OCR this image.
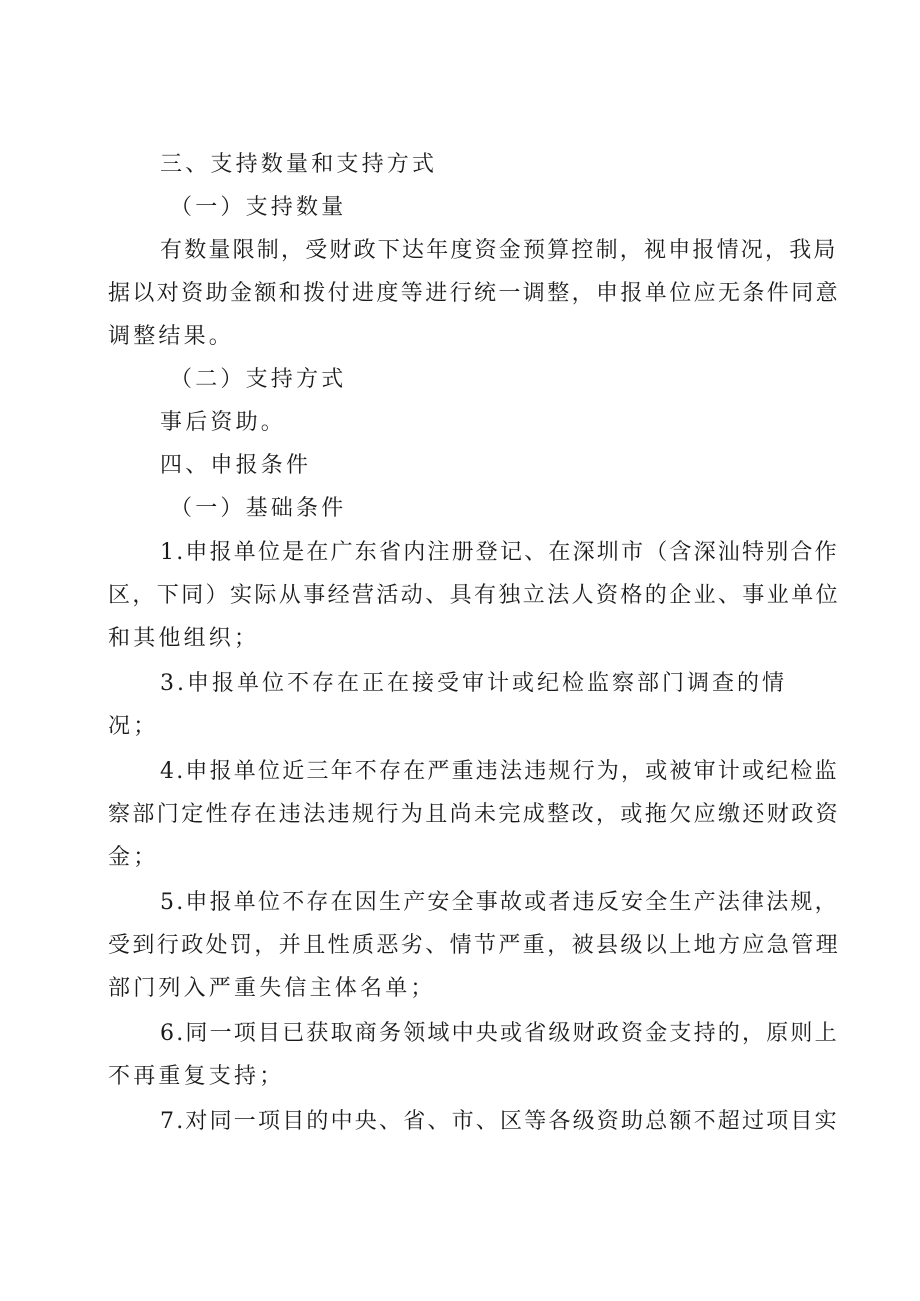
三、支持数量和支持方式
（一）支持数量
有数量限制，受财政下达年度资金预算控制，视申报情况，我局
据以对资助金额和拨付进度等进行统一调整，申报单位应无条件同意
调整结果。
（二）支持方式
事后资助。
四、申报条件
（一）基础条件
1.申报单位是在广东省内注册登记、在深圳市（含深汕特别合作
区，下同）实际从事经营活动、具有独立法人资格的企业、事业单位
和其他组织；
3.申报单位不存在正在接受审计或纪检监察部门调查的情
况；
4.申报单位近三年不存在严重违法违规行为，或被审计或纪检监
察部门定性存在违法违规行为且尚未完成整改，或拖欠应缴还财政资
金；
5.申报单位不存在因生产安全事故或者违反安全生产法律法规，
受到行政处罚，并且性质恶劣、情节严重，被县级以上地方应急管理
部门列入严重失信主体名单；
6.同一项目已获取商务领域中央或省级财政资金支持的，原则上
不再重复支持；
7.对同一项目的中央、省、市、区等各级资助总额不超过项目实
